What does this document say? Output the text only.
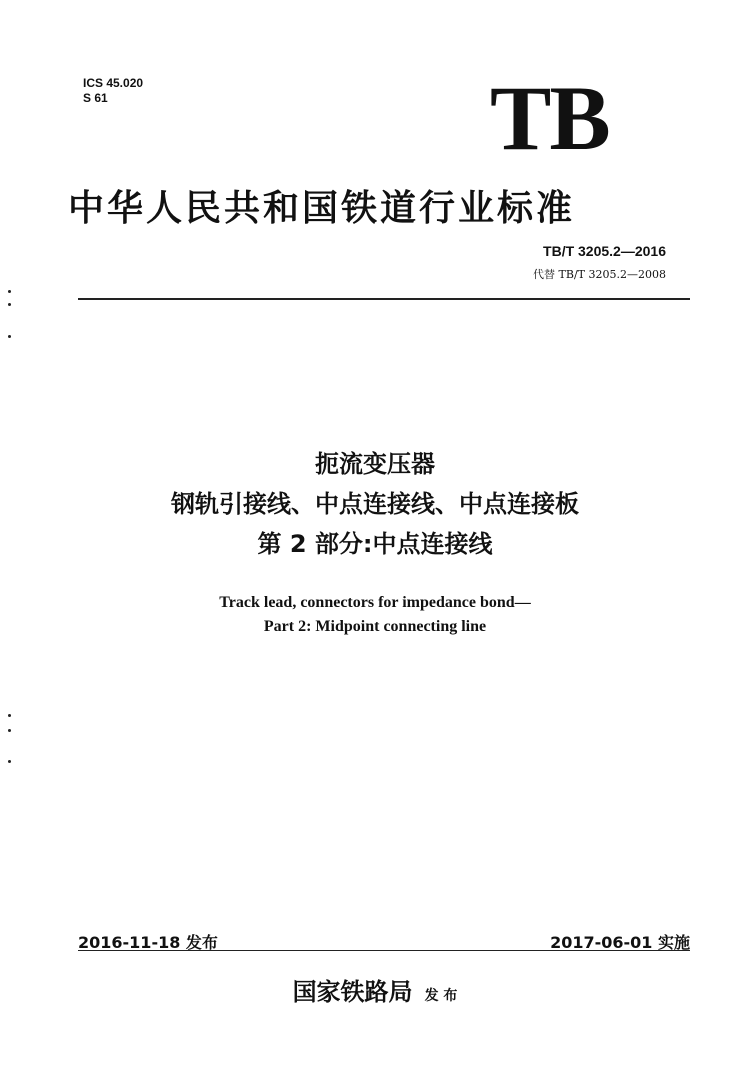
ICS 45.020
S 61	TB
中华人民共和国铁道行业标准
TB/T 3205.2—2016
代替 TB/T 3205.2—2008
扼流变压器
钢轨引接线、中点连接线、中点连接板
第 2 部分:中点连接线
Track lead, connectors for impedance bond—
Part 2: Midpoint connecting line
2016-11-18 发布	2017-06-01 实施
国家铁路局 发 布
